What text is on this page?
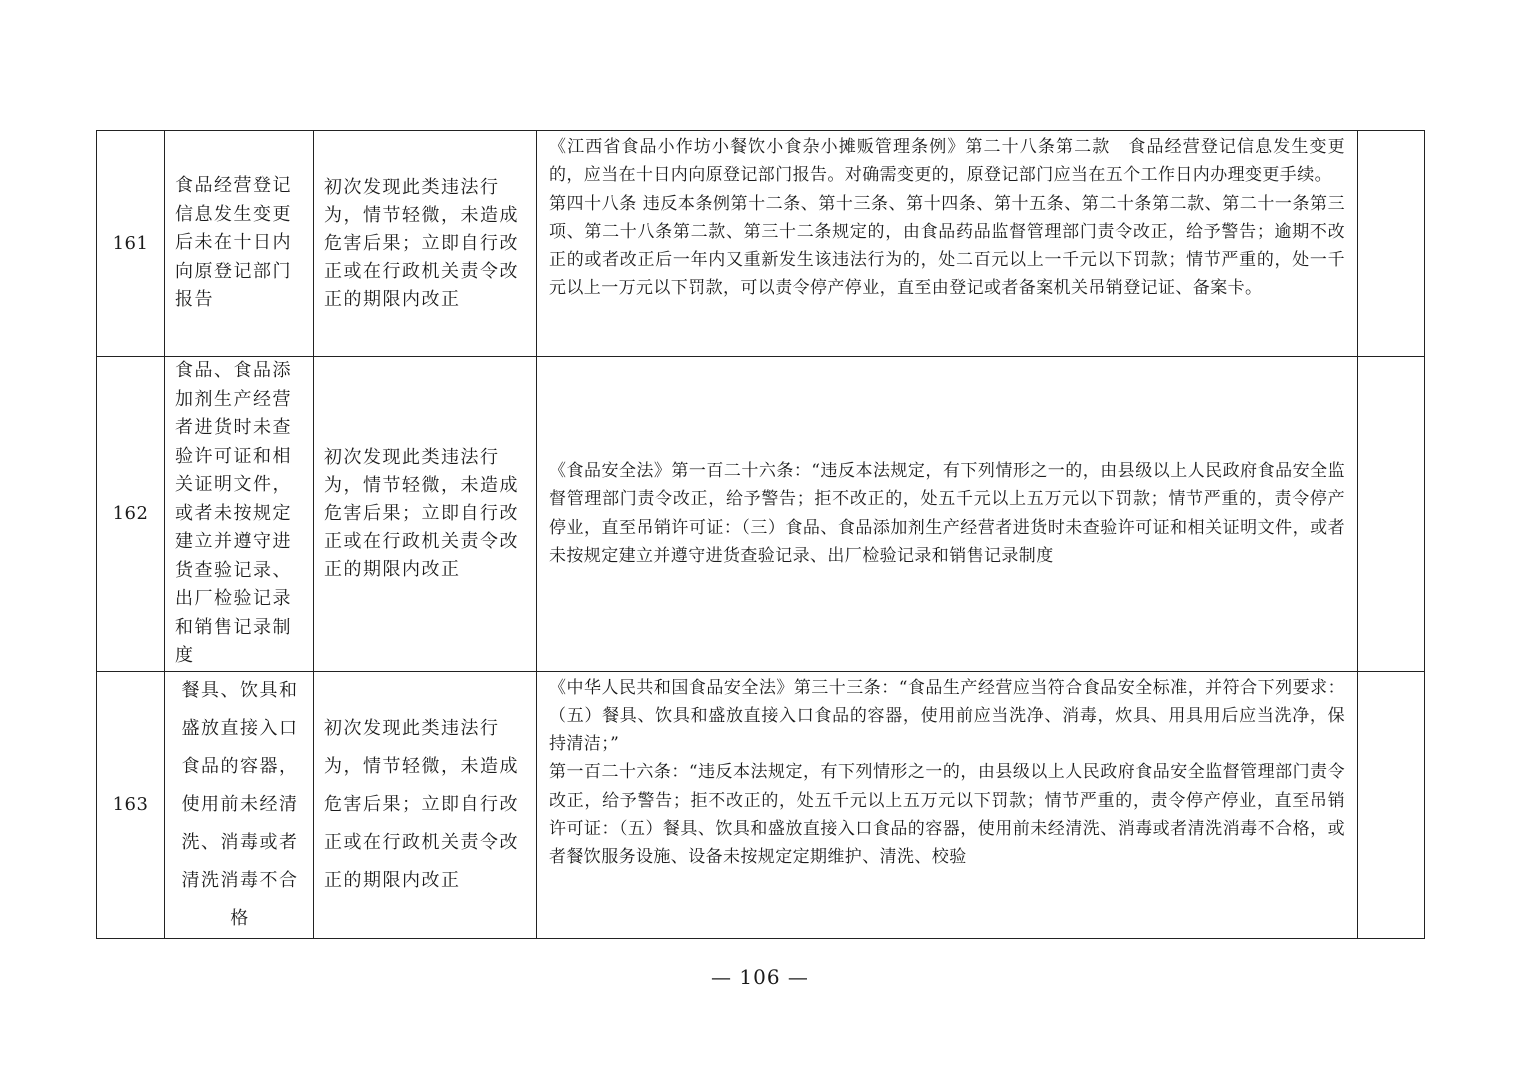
161	食品经营登记信息发生变更后未在十日内向原登记部门报告	初次发现此类违法行为，情节轻微，未造成危害后果；立即自行改正或在行政机关责令改正的期限内改正	《江西省食品小作坊小餐饮小食杂小摊贩管理条例》第二十八条第二款　食品经营登记信息发生变更的，应当在十日内向原登记部门报告。对确需变更的，原登记部门应当在五个工作日内办理变更手续。

第四十八条 违反本条例第十二条、第十三条、第十四条、第十五条、第二十条第二款、第二十一条第三项、第二十八条第二款、第三十二条规定的，由食品药品监督管理部门责令改正，给予警告；逾期不改正的或者改正后一年内又重新发生该违法行为的，处二百元以上一千元以下罚款；情节严重的，处一千元以上一万元以下罚款，可以责令停产停业，直至由登记或者备案机关吊销登记证、备案卡。	

162	食品、食品添加剂生产经营者进货时未查验许可证和相关证明文件，或者未按规定建立并遵守进货查验记录、出厂检验记录和销售记录制度	初次发现此类违法行为，情节轻微，未造成危害后果；立即自行改正或在行政机关责令改正的期限内改正	《食品安全法》第一百二十六条：“违反本法规定，有下列情形之一的，由县级以上人民政府食品安全监督管理部门责令改正，给予警告；拒不改正的，处五千元以上五万元以下罚款；情节严重的，责令停产停业，直至吊销许可证：（三）食品、食品添加剂生产经营者进货时未查验许可证和相关证明文件，或者未按规定建立并遵守进货查验记录、出厂检验记录和销售记录制度	

163	餐具、饮具和盛放直接入口食品的容器，使用前未经清洗、消毒或者清洗消毒不合格	初次发现此类违法行为，情节轻微，未造成危害后果；立即自行改正或在行政机关责令改正的期限内改正	《中华人民共和国食品安全法》第三十三条：“食品生产经营应当符合食品安全标准，并符合下列要求：（五）餐具、饮具和盛放直接入口食品的容器，使用前应当洗净、消毒，炊具、用具用后应当洗净，保持清洁；”

第一百二十六条：“违反本法规定，有下列情形之一的，由县级以上人民政府食品安全监督管理部门责令改正，给予警告；拒不改正的，处五千元以上五万元以下罚款；情节严重的，责令停产停业，直至吊销许可证：（五）餐具、饮具和盛放直接入口食品的容器，使用前未经清洗、消毒或者清洗消毒不合格，或者餐饮服务设施、设备未按规定定期维护、清洗、校验	

— 106 —
